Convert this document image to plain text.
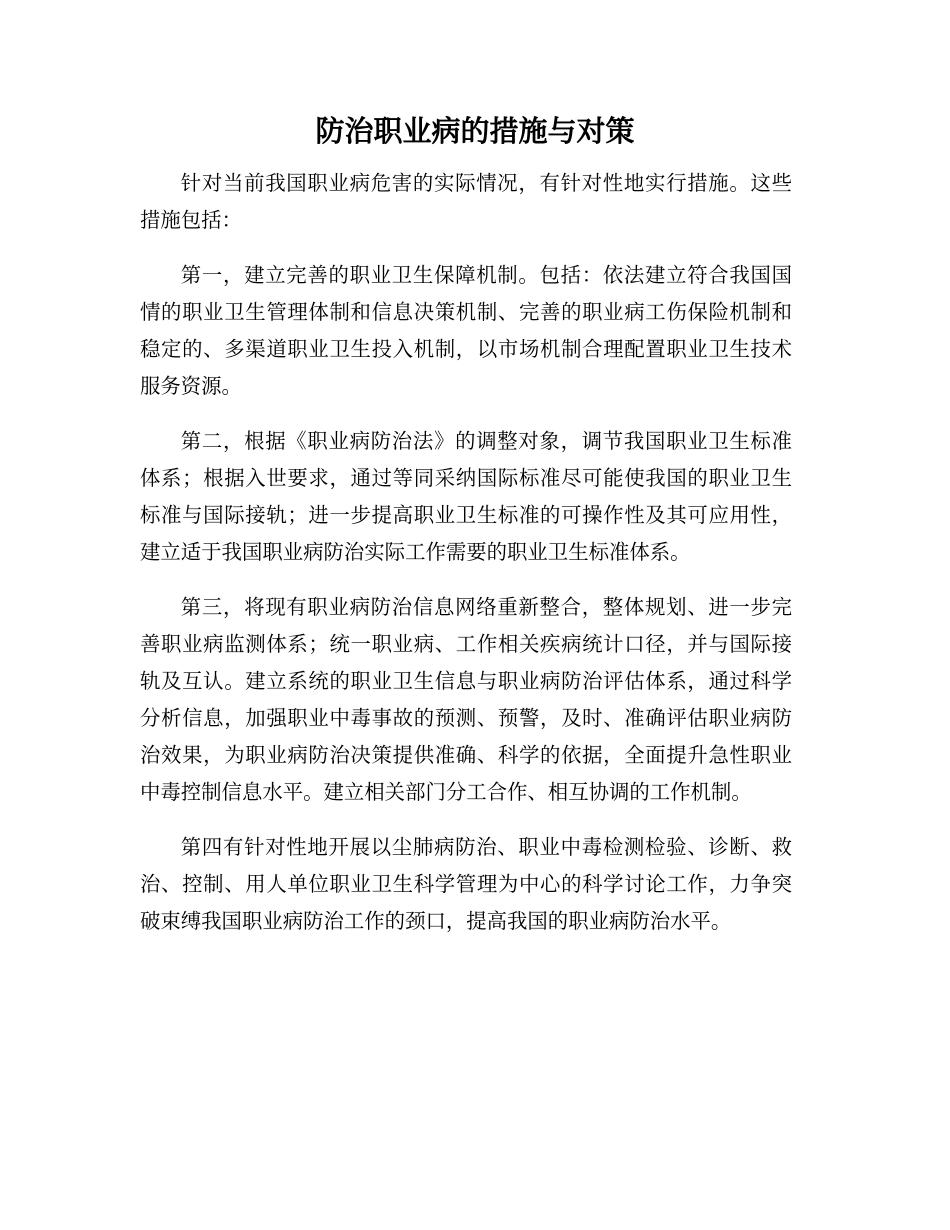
防治职业病的措施与对策

针对当前我国职业病危害的实际情况，有针对性地实行措施。这些措施包括：

第一，建立完善的职业卫生保障机制。包括：依法建立符合我国国情的职业卫生管理体制和信息决策机制、完善的职业病工伤保险机制和稳定的、多渠道职业卫生投入机制，以市场机制合理配置职业卫生技术服务资源。

第二，根据《职业病防治法》的调整对象，调节我国职业卫生标准体系；根据入世要求，通过等同采纳国际标准尽可能使我国的职业卫生标准与国际接轨；进一步提高职业卫生标准的可操作性及其可应用性，建立适于我国职业病防治实际工作需要的职业卫生标准体系。

第三，将现有职业病防治信息网络重新整合，整体规划、进一步完善职业病监测体系；统一职业病、工作相关疾病统计口径，并与国际接轨及互认。建立系统的职业卫生信息与职业病防治评估体系，通过科学分析信息，加强职业中毒事故的预测、预警，及时、准确评估职业病防治效果，为职业病防治决策提供准确、科学的依据，全面提升急性职业中毒控制信息水平。建立相关部门分工合作、相互协调的工作机制。

第四有针对性地开展以尘肺病防治、职业中毒检测检验、诊断、救治、控制、用人单位职业卫生科学管理为中心的科学讨论工作，力争突破束缚我国职业病防治工作的颈口，提高我国的职业病防治水平。
